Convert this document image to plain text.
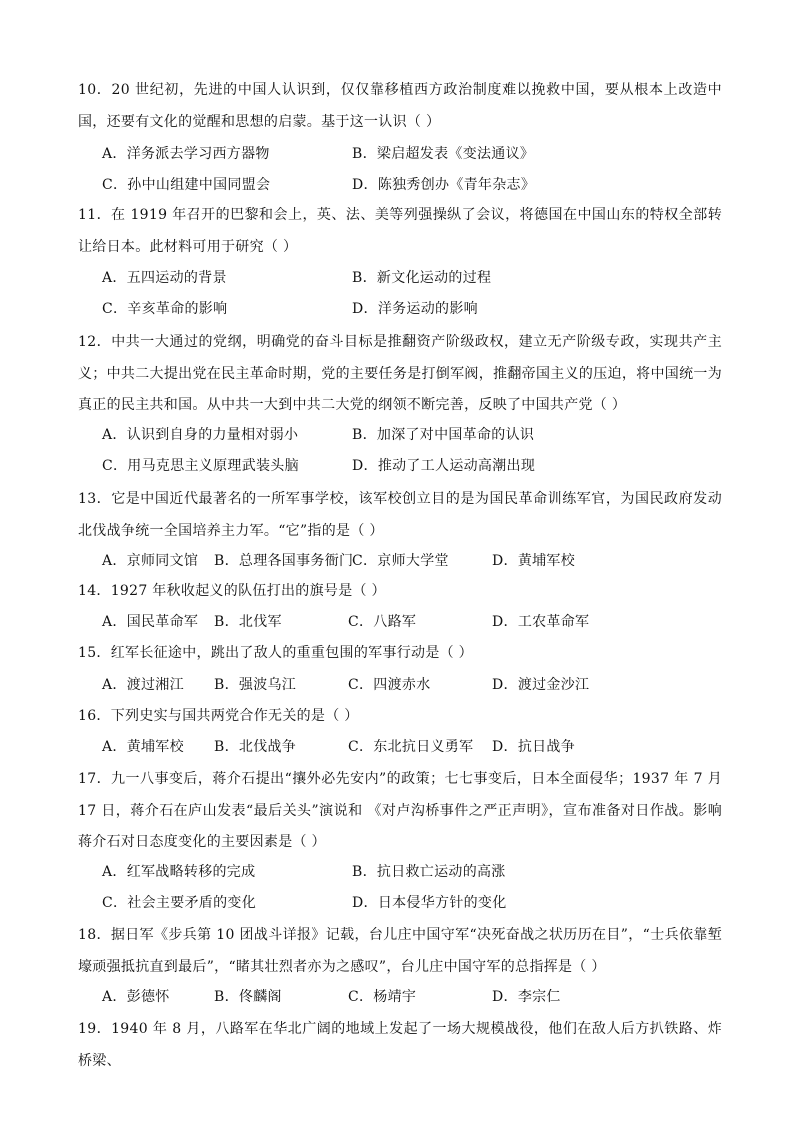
10．20 世纪初，先进的中国人认识到，仅仅靠移植西方政治制度难以挽救中国，要从根本上改造中国，还要有文化的觉醒和思想的启蒙。基于这一认识（ ）
A．洋务派去学习西方器物	B．梁启超发表《变法通议》
C．孙中山组建中国同盟会	D．陈独秀创办《青年杂志》
11．在 1919 年召开的巴黎和会上，英、法、美等列强操纵了会议，将德国在中国山东的特权全部转让给日本。此材料可用于研究（ ）
A．五四运动的背景	B．新文化运动的过程
C．辛亥革命的影响	D．洋务运动的影响
12．中共一大通过的党纲，明确党的奋斗目标是推翻资产阶级政权，建立无产阶级专政，实现共产主义；中共二大提出党在民主革命时期，党的主要任务是打倒军阀，推翻帝国主义的压迫，将中国统一为真正的民主共和国。从中共一大到中共二大党的纲领不断完善，反映了中国共产党（ ）
A．认识到自身的力量相对弱小	B．加深了对中国革命的认识
C．用马克思主义原理武装头脑	D．推动了工人运动高潮出现
13．它是中国近代最著名的一所军事学校，该军校创立目的是为国民革命训练军官，为国民政府发动北伐战争统一全国培养主力军。“它”指的是（ ）
A．京师同文馆 B．总理各国事务衙门
C．京师大学堂	D．黄埔军校
14．1927 年秋收起义的队伍打出的旗号是（ ）
A．国民革命军 B．北伐军	C．八路军	D．工农革命军
15．红军长征途中，跳出了敌人的重重包围的军事行动是（ ）
A．渡过湘江 B．强波乌江	C．四渡赤水	D．渡过金沙江
16．下列史实与国共两党合作无关的是（ ）
A．黄埔军校 B．北伐战争	C．东北抗日义勇军 D．抗日战争
17．九一八事变后，蒋介石提出“攘外必先安内”的政策；七七事变后，日本全面侵华；1937 年 7 月 17 日，蒋介石在庐山发表“最后关头”演说和 《对卢沟桥事件之严正声明》，宣布准备对日作战。影响蒋介石对日态度变化的主要因素是（ ）
A．红军战略转移的完成	B．抗日救亡运动的高涨
C．社会主要矛盾的变化	D．日本侵华方针的变化
18．据日军《步兵第 10 团战斗详报》记载，台儿庄中国守军“决死奋战之状历历在目”，“士兵依靠堑壕顽强抵抗直到最后”，“睹其壮烈者亦为之感叹”，台儿庄中国守军的总指挥是（ ）
A．彭德怀	B．佟麟阁	C．杨靖宇	D．李宗仁
19．1940 年 8 月，八路军在华北广阔的地域上发起了一场大规模战役，他们在敌人后方扒铁路、炸桥梁、
